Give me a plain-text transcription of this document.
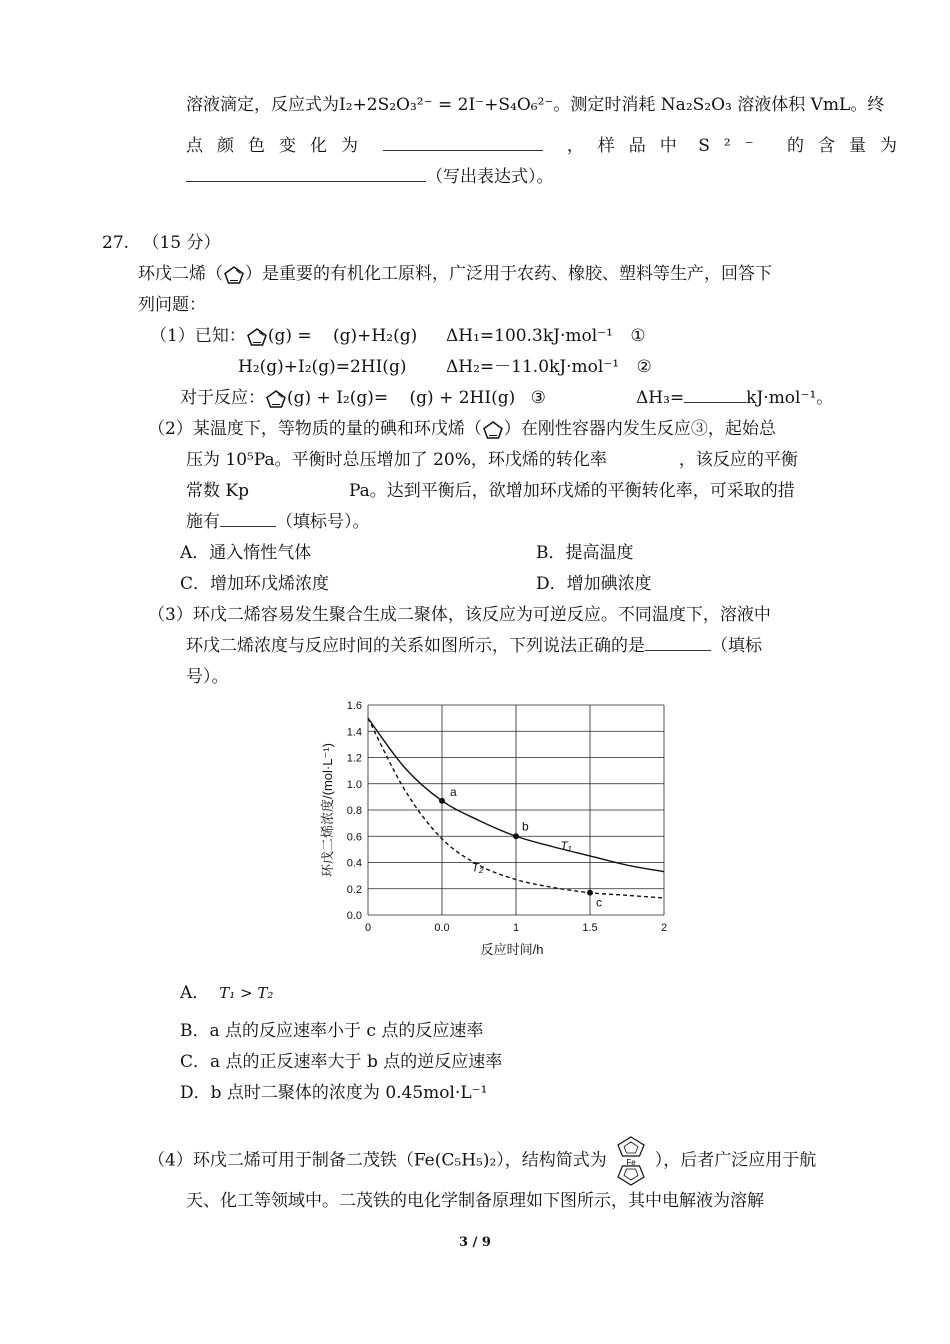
溶液滴定，反应式为I₂+2S₂O₃²⁻ = 2I⁻+S₄O₆²⁻。测定时消耗 Na₂S₂O₃ 溶液体积 VmL。终
点颜色变化为	，样品中 S²⁻ 的含量为
（写出表达式）。
27. （15 分）
环戊二烯（ ）是重要的有机化工原料，广泛用于农药、橡胶、塑料等生产，回答下
列问题：
（1）已知： (g) = (g)+H₂(g) ΔH₁=100.3kJ·mol⁻¹ ①
H₂(g)+I₂(g)=2HI(g) ΔH₂=－11.0kJ·mol⁻¹ ②
对于反应： (g) + I₂(g)= (g) + 2HI(g) ③	ΔH₃=	kJ·mol⁻¹。
（2）某温度下，等物质的量的碘和环戊烯（ ）在刚性容器内发生反应③，起始总
压为 10⁵Pa。平衡时总压增加了 20%，环戊烯的转化率	，该反应的平衡
常数 Kp	Pa。达到平衡后，欲增加环戊烯的平衡转化率，可采取的措
施有	（填标号）。
A．通入惰性气体	B．提高温度
C．增加环戊烯浓度	D．增加碘浓度
（3）环戊二烯容易发生聚合生成二聚体，该反应为可逆反应。不同温度下，溶液中
环戊二烯浓度与反应时间的关系如图所示，下列说法正确的是	（填标
号）。
0.0
0.2
0.4
0.6
0.8
1.0
1.2
1.4
1.6
0	0.0	1	1.5	2
T₁
T₂
a
b
c
反应时间/h
环戊二烯浓度/(mol·L⁻¹)
A． T₁ > T₂
B．a 点的反应速率小于 c 点的反应速率
C．a 点的正反速率大于 b 点的逆反应速率
D．b 点时二聚体的浓度为 0.45mol·L⁻¹
（4）环戊二烯可用于制备二茂铁（Fe(C₅H₅)₂），结构简式为 Fe ），后者广泛应用于航
天、化工等领域中。二茂铁的电化学制备原理如下图所示，其中电解液为溶解
3 / 9
